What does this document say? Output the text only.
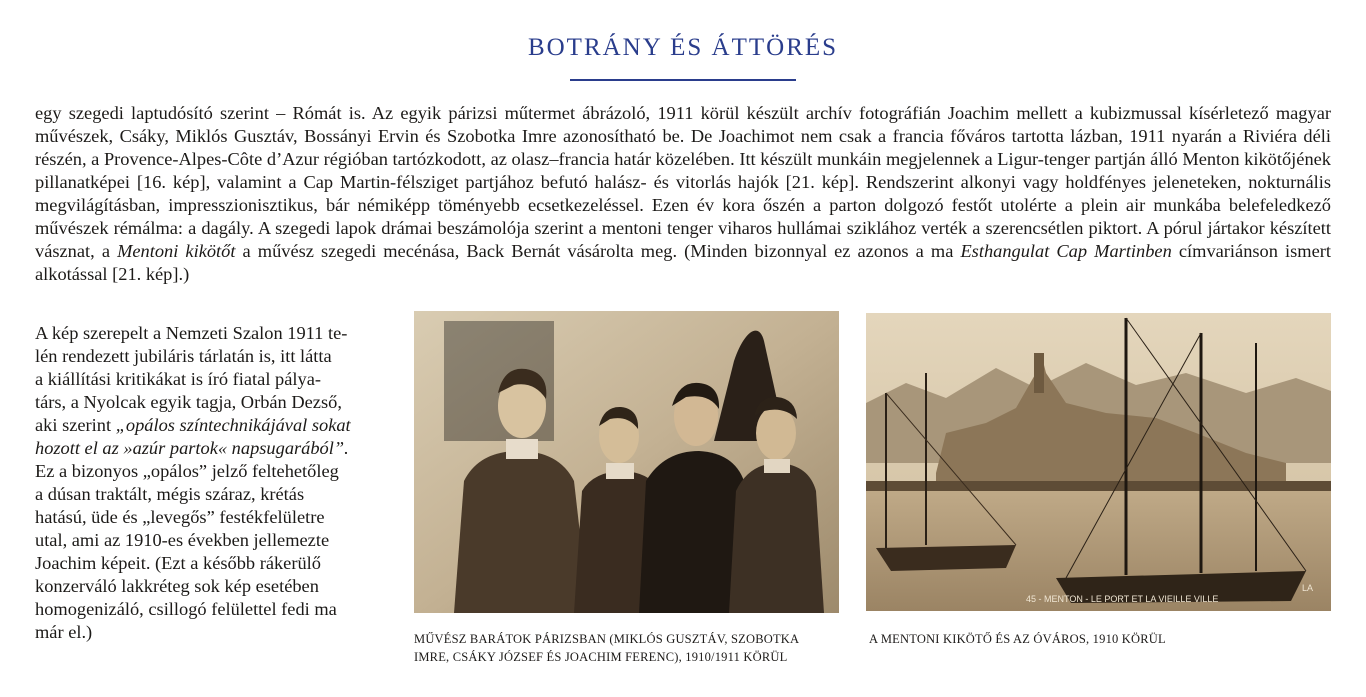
BOTRÁNY ÉS ÁTTÖRÉS
egy szegedi laptudósító szerint – Rómát is. Az egyik párizsi műtermet ábrázoló, 1911 körül készült archív fotográfián Joachim mellett a kubizmussal kísérletező magyar művészek, Csáky, Miklós Gusztáv, Bossányi Ervin és Szobotka Imre azonosítható be. De Joachimot nem csak a francia főváros tartotta lázban, 1911 nyarán a Riviéra déli részén, a Provence-Alpes-Côte d’Azur régióban tartózkodott, az olasz–francia határ közelében. Itt készült munkáin megjelennek a Ligur-tenger partján álló Menton kikötőjének pillanatképei [16. kép], valamint a Cap Martin-félsziget partjához befutó halász- és vitorlás hajók [21. kép]. Rendszerint alkonyi vagy holdfényes jeleneteken, nokturnális megvilágításban, impresszionisztikus, bár némiképp töményebb ecsetkezeléssel. Ezen év kora őszén a parton dolgozó festőt utolérte a plein air munkába belefeledkező művészek rémálma: a dagály. A szegedi lapok drámai beszámolója szerint a mentoni tenger viharos hullámai sziklához verték a szerencsétlen piktort. A pórul jártakor készített vásznat, a Mentoni kikötőt a művész szegedi mecénása, Back Bernát vásárolta meg. (Minden bizonnyal ez azonos a ma Esthangulat Cap Martinben címvariánson ismert alkotással [21. kép].)
A kép szerepelt a Nemzeti Szalon 1911 te-
lén rendezett jubiláris tárlatán is, itt látta
a kiállítási kritikákat is író fiatal pálya-
társ, a Nyolcak egyik tagja, Orbán Dezső,
aki szerint „opálos színtechnikájával sokat
hozott el az »azúr partok« napsugarából”.
Ez a bizonyos „opálos” jelző feltehetőleg
a dúsan traktált, mégis száraz, krétás
hatású, üde és „levegős” festékfelületre
utal, ami az 1910-es években jellemezte
Joachim képeit. (Ezt a később rákerülő
konzerváló lakkréteg sok kép esetében
homogenizáló, csillogó felülettel fedi ma
már el.)
45 - MENTON - LE PORT ET LA VIEILLE VILLE
LA
MŰVÉSZ BARÁTOK PÁRIZSBAN (MIKLÓS GUSZTÁV, SZOBOTKA
IMRE, CSÁKY JÓZSEF ÉS JOACHIM FERENC), 1910/1911 KÖRÜL
A MENTONI KIKÖTŐ ÉS AZ ÓVÁROS, 1910 KÖRÜL
